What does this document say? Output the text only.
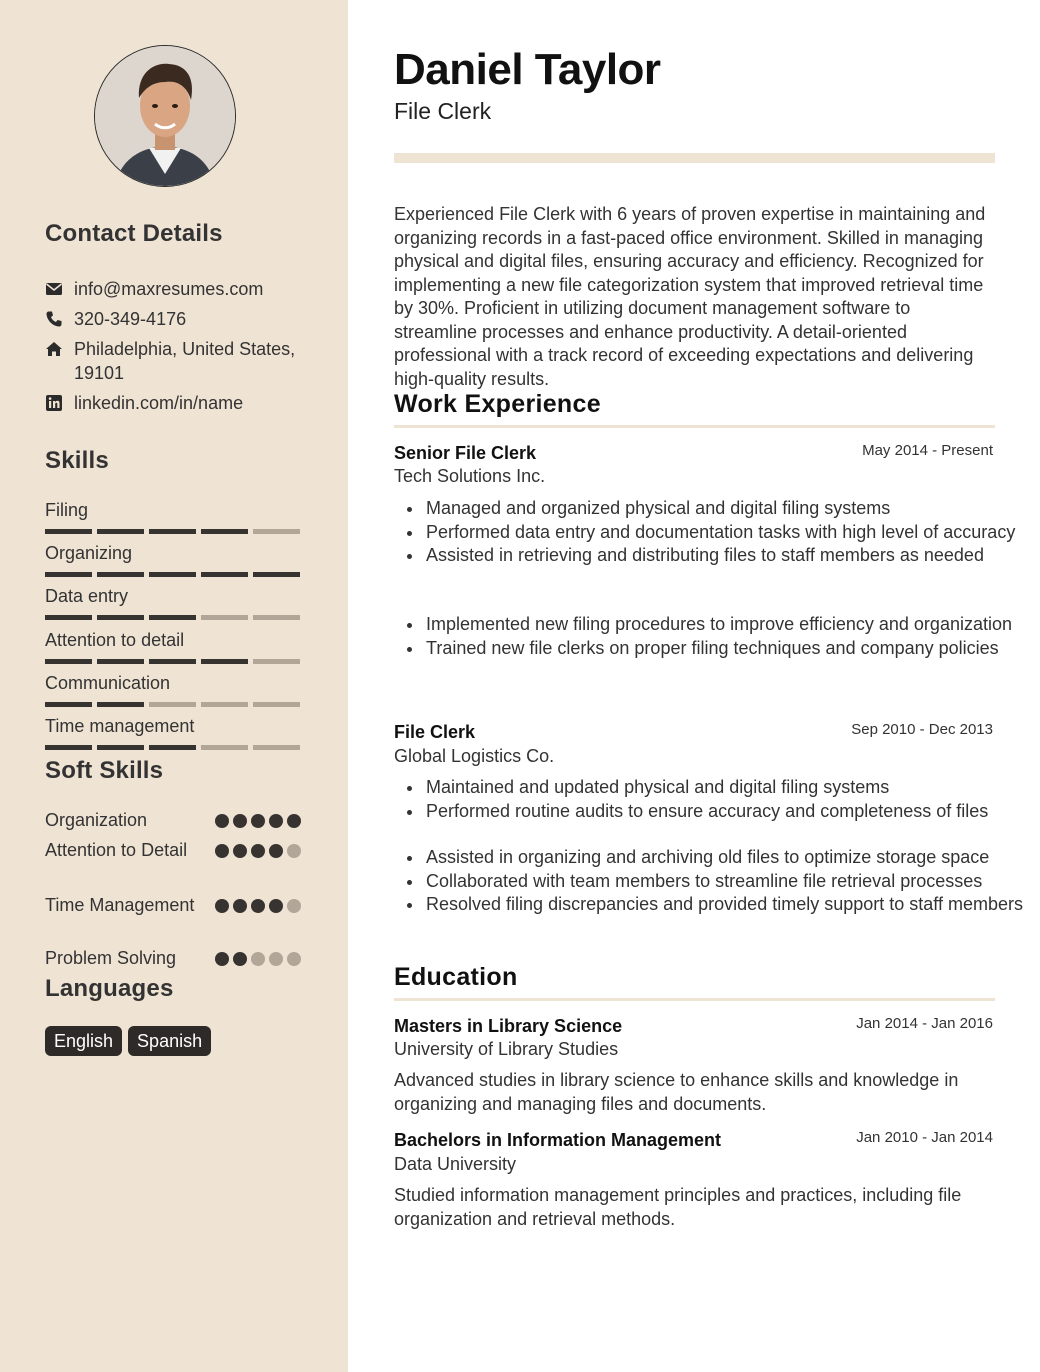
Contact Details
info@maxresumes.com
320-349-4176
Philadelphia, United States, 19101
linkedin.com/in/name
Skills
Filing
Organizing
Data entry
Attention to detail
Communication
Time management
Soft Skills
Organization
Attention to Detail
Time Management
Problem Solving
Languages
English	Spanish
Daniel Taylor
File Clerk

Experienced File Clerk with 6 years of proven expertise in maintaining and organizing records in a fast-paced office environment. Skilled in managing physical and digital files, ensuring accuracy and efficiency. Recognized for implementing a new file categorization system that improved retrieval time by 30%. Proficient in utilizing document management software to streamline processes and enhance productivity. A detail-oriented professional with a track record of exceeding expectations and delivering high-quality results.

Work Experience
Senior File Clerk	May 2014 - Present
Tech Solutions Inc.
Managed and organized physical and digital filing systems
Performed data entry and documentation tasks with high level of accuracy
Assisted in retrieving and distributing files to staff members as needed
Implemented new filing procedures to improve efficiency and organization
Trained new file clerks on proper filing techniques and company policies
File Clerk	Sep 2010 - Dec 2013
Global Logistics Co.
Maintained and updated physical and digital filing systems
Performed routine audits to ensure accuracy and completeness of files
Assisted in organizing and archiving old files to optimize storage space
Collaborated with team members to streamline file retrieval processes
Resolved filing discrepancies and provided timely support to staff members
Education
Masters in Library Science	Jan 2014 - Jan 2016
University of Library Studies

Advanced studies in library science to enhance skills and knowledge in organizing and managing files and documents.

Bachelors in Information Management	Jan 2010 - Jan 2014
Data University

Studied information management principles and practices, including file organization and retrieval methods.
